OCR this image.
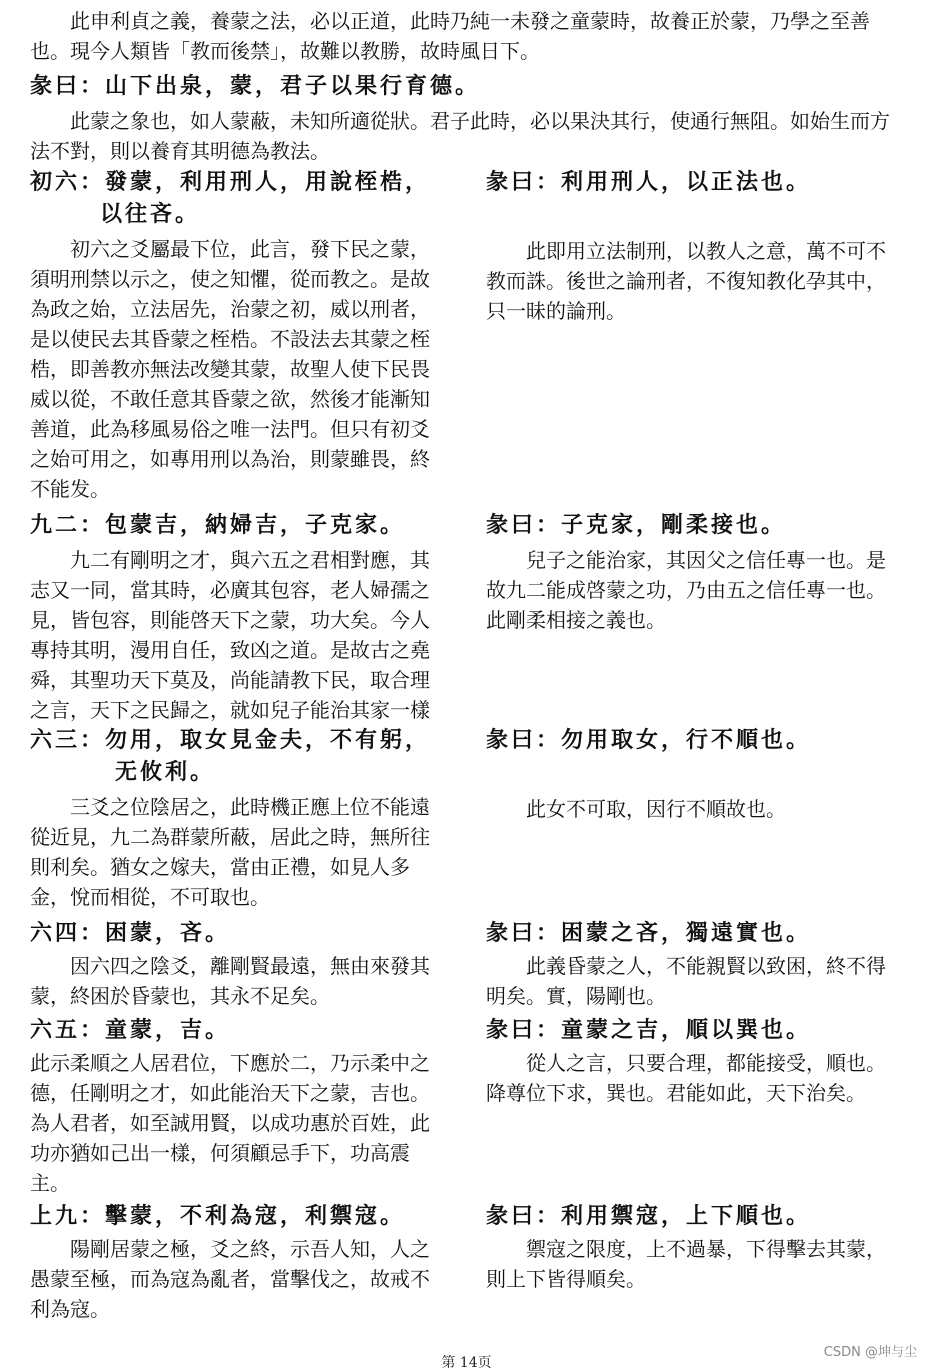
此申利貞之義，養蒙之法，必以正道，此時乃純一未發之童蒙時，故養正於蒙，乃學之至善也。現今人類皆「教而後禁」，故難以教勝，故時風日下。

彖曰：山下出泉，蒙，君子以果行育德。

此蒙之象也，如人蒙蔽，未知所適從狀。君子此時，必以果決其行，使通行無阻。如始生而方法不對，則以養育其明德為教法。

初六：發蒙，利用刑人，用說桎梏，
以往吝。

初六之爻屬最下位，此言，發下民之蒙，須明刑禁以示之，使之知懼，從而教之。是故為政之始，立法居先，治蒙之初，威以刑者，是以使民去其昏蒙之桎梏。不設法去其蒙之桎梏，即善教亦無法改變其蒙，故聖人使下民畏威以從，不敢任意其昏蒙之欲，然後才能漸知善道，此為移風易俗之唯一法門。但只有初爻之始可用之，如專用刑以為治，則蒙雖畏，終不能发。

彖曰：利用刑人，以正法也。

此即用立法制刑，以教人之意，萬不可不教而誅。後世之論刑者，不復知教化孕其中，只一昧的論刑。

九二：包蒙吉，納婦吉，子克家。

九二有剛明之才，與六五之君相對應，其志又一同，當其時，必廣其包容，老人婦孺之見，皆包容，則能啓天下之蒙，功大矣。今人專持其明，漫用自任，致凶之道。是故古之堯舜，其聖功天下莫及，尚能請教下民，取合理之言，天下之民歸之，就如兒子能治其家一樣

彖曰：子克家，剛柔接也。

兒子之能治家，其因父之信任專一也。是故九二能成啓蒙之功，乃由五之信任專一也。此剛柔相接之義也。

六三：勿用，取女見金夫，不有躬，
无攸利。

三爻之位陰居之，此時機正應上位不能遠從近見，九二為群蒙所蔽，居此之時，無所往則利矣。猶女之嫁夫，當由正禮，如見人多金，悅而相從，不可取也。

彖曰：勿用取女，行不順也。

此女不可取，因行不順故也。

六四：困蒙，吝。

因六四之陰爻，離剛賢最遠，無由來發其蒙，終困於昏蒙也，其永不足矣。

彖曰：困蒙之吝，獨遠實也。

此義昏蒙之人，不能親賢以致困，終不得明矣。實，陽剛也。

六五：童蒙，吉。

此示柔順之人居君位，下應於二，乃示柔中之德，任剛明之才，如此能治天下之蒙，吉也。為人君者，如至誠用賢，以成功惠於百姓，此功亦猶如己出一樣，何須顧忌手下，功高震主。

彖曰：童蒙之吉，順以巽也。

從人之言，只要合理，都能接受，順也。降尊位下求，巽也。君能如此，天下治矣。

上九：擊蒙，不利為寇，利禦寇。

陽剛居蒙之極，爻之終，示吾人知，人之愚蒙至極，而為寇為亂者，當擊伐之，故戒不利為寇。

彖曰：利用禦寇，上下順也。

禦寇之限度，上不過暴，下得擊去其蒙，則上下皆得順矣。

第 14页
CSDN @坤与尘
